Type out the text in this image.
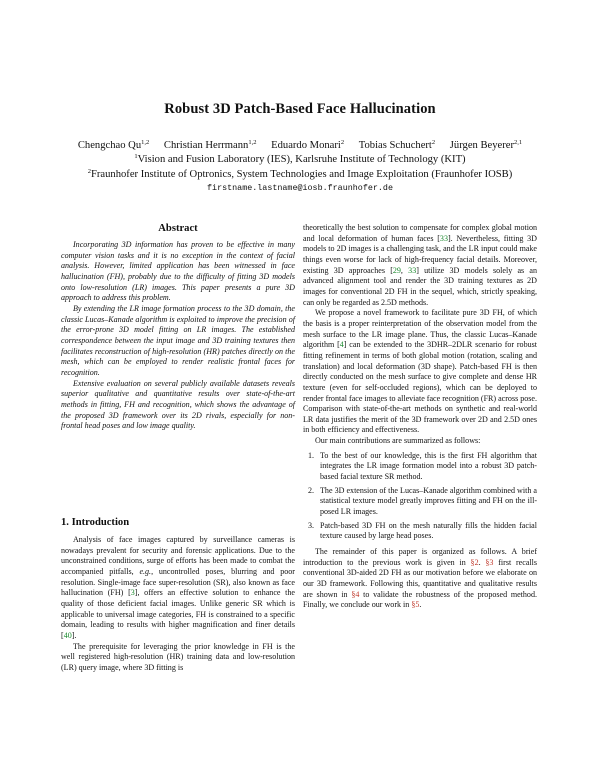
Robust 3D Patch-Based Face Hallucination
Chengchao Qu$^{1,2}$ Christian Herrmann$^{1,2}$ Eduardo Monari$^2$ Tobias Schuchert$^2$ Jürgen Beyerer$^{2,1}$
$^1$Vision and Fusion Laboratory (IES), Karlsruhe Institute of Technology (KIT)
$^2$Fraunhofer Institute of Optronics, System Technologies and Image Exploitation (Fraunhofer IOSB)
firstname.lastname@iosb.fraunhofer.de
Abstract

Incorporating 3D information has proven to be effective in many computer vision tasks and it is no exception in the context of facial analysis. However, limited application has been witnessed in face hallucination (FH), probably due to the difficulty of fitting 3D models onto low-resolution (LR) images. This paper presents a pure 3D approach to address this problem.

By extending the LR image formation process to the 3D domain, the classic Lucas–Kanade algorithm is exploited to improve the precision of the error-prone 3D model fitting on LR images. The established correspondence between the input image and 3D training textures then facilitates reconstruction of high-resolution (HR) patches directly on the mesh, which can be employed to render realistic frontal faces for recognition.

Extensive evaluation on several publicly available datasets reveals superior qualitative and quantitative results over state-of-the-art methods in fitting, FH and recognition, which shows the advantage of the proposed 3D framework over its 2D rivals, especially for non-frontal head poses and low image quality.

1. Introduction

Analysis of face images captured by surveillance cameras is nowadays prevalent for security and forensic applications. Due to the unconstrained conditions, surge of efforts has been made to combat the accompanied pitfalls, e.g., uncontrolled poses, blurring and poor resolution. Single-image face super-resolution (SR), also known as face hallucination (FH) [3], offers an effective solution to enhance the quality of those deficient facial images. Unlike generic SR which is applicable to universal image categories, FH is constrained to a specific domain, leading to results with higher magnification and finer details [40].

The prerequisite for leveraging the prior knowledge in FH is the well registered high-resolution (HR) training data and low-resolution (LR) query image, where 3D fitting is

theoretically the best solution to compensate for complex global motion and local deformation of human faces [33]. Nevertheless, fitting 3D models to 2D images is a challenging task, and the LR input could make things even worse for lack of high-frequency facial details. Moreover, existing 3D approaches [29, 33] utilize 3D models solely as an advanced alignment tool and render the 3D training textures as 2D images for conventional 2D FH in the sequel, which, strictly speaking, can only be regarded as 2.5D methods.

We propose a novel framework to facilitate pure 3D FH, of which the basis is a proper reinterpretation of the observation model from the mesh surface to the LR image plane. Thus, the classic Lucas–Kanade algorithm [4] can be extended to the 3DHR–2DLR scenario for robust fitting refinement in terms of both global motion (rotation, scaling and translation) and local deformation (3D shape). Patch-based FH is then directly conducted on the mesh surface to give complete and dense HR texture (even for self-occluded regions), which can be deployed to render frontal face images to alleviate face recognition (FR) across pose. Comparison with state-of-the-art methods on synthetic and real-world LR data justifies the merit of the 3D framework over 2D and 2.5D ones in both efficiency and effectiveness.

Our main contributions are summarized as follows:

1. To the best of our knowledge, this is the first FH algorithm that integrates the LR image formation model into a robust 3D patch-based facial texture SR method.
2. The 3D extension of the Lucas–Kanade algorithm combined with a statistical texture model greatly improves fitting and FH on the ill-posed LR images.
3. Patch-based 3D FH on the mesh naturally fills the hidden facial texture caused by large head poses.

The remainder of this paper is organized as follows. A brief introduction to the previous work is given in §2. §3 first recalls conventional 3D-aided 2D FH as our motivation before we elaborate on our 3D framework. Following this, quantitative and qualitative results are shown in §4 to validate the robustness of the proposed method. Finally, we conclude our work in §5.
